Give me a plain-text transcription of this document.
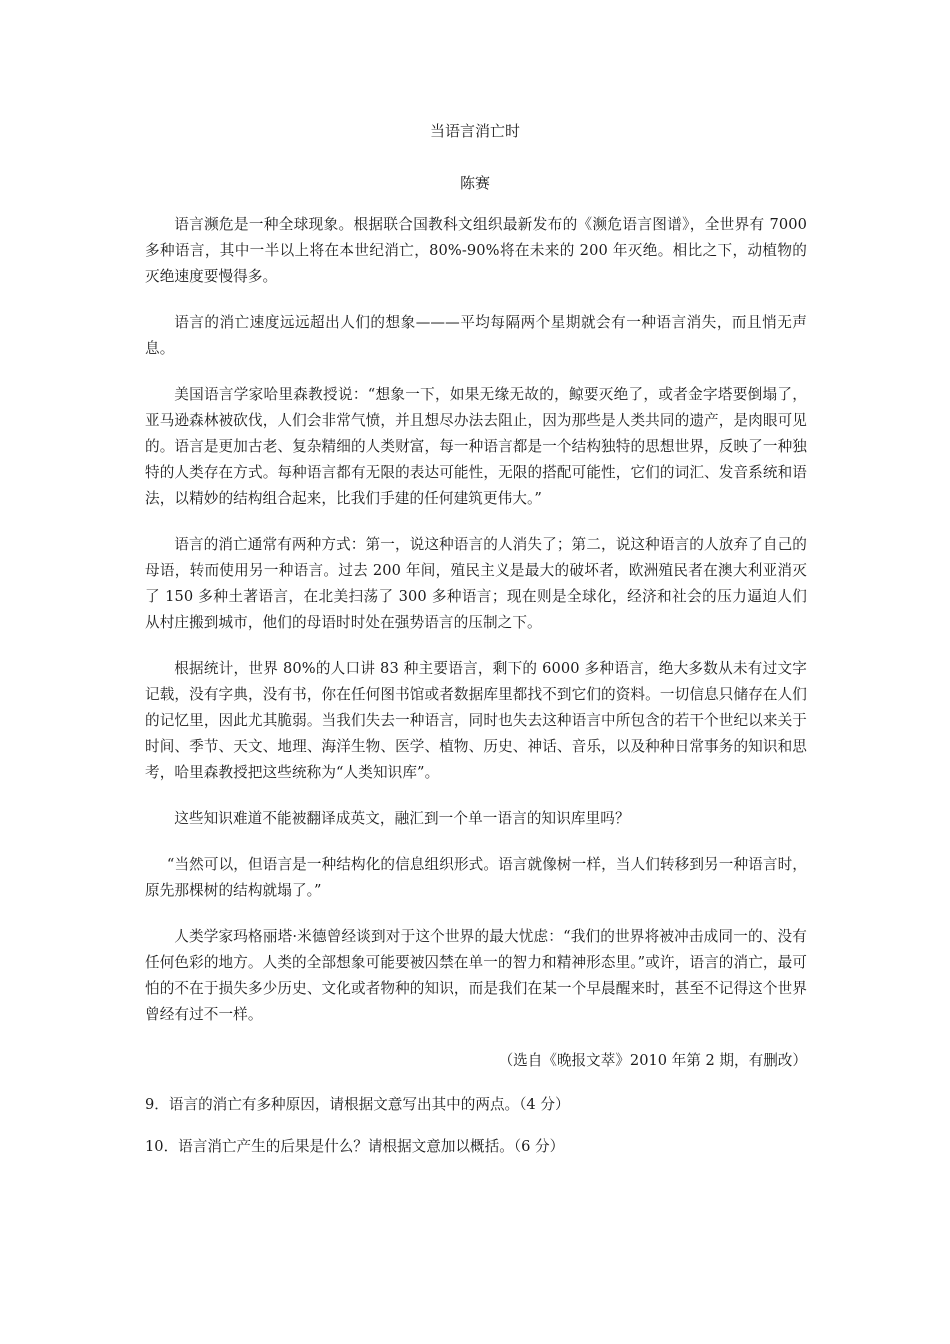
当语言消亡时
陈赛

语言濒危是一种全球现象。根据联合国教科文组织最新发布的《濒危语言图谱》，全世界有 7000 多种语言，其中一半以上将在本世纪消亡，80%-90%将在未来的 200 年灭绝。相比之下，动植物的灭绝速度要慢得多。

语言的消亡速度远远超出人们的想象———平均每隔两个星期就会有一种语言消失，而且悄无声息。

美国语言学家哈里森教授说：“想象一下，如果无缘无故的，鲸要灭绝了，或者金字塔要倒塌了，亚马逊森林被砍伐，人们会非常气愤，并且想尽办法去阻止，因为那些是人类共同的遗产，是肉眼可见的。语言是更加古老、复杂精细的人类财富，每一种语言都是一个结构独特的思想世界，反映了一种独特的人类存在方式。每种语言都有无限的表达可能性，无限的搭配可能性，它们的词汇、发音系统和语法，以精妙的结构组合起来，比我们手建的任何建筑更伟大。”

语言的消亡通常有两种方式：第一，说这种语言的人消失了；第二，说这种语言的人放弃了自己的母语，转而使用另一种语言。过去 200 年间，殖民主义是最大的破坏者，欧洲殖民者在澳大利亚消灭了 150 多种土著语言，在北美扫荡了 300 多种语言；现在则是全球化，经济和社会的压力逼迫人们从村庄搬到城市，他们的母语时时处在强势语言的压制之下。

根据统计，世界 80%的人口讲 83 种主要语言，剩下的 6000 多种语言，绝大多数从未有过文字记载，没有字典，没有书，你在任何图书馆或者数据库里都找不到它们的资料。一切信息只储存在人们的记忆里，因此尤其脆弱。当我们失去一种语言，同时也失去这种语言中所包含的若干个世纪以来关于时间、季节、天文、地理、海洋生物、医学、植物、历史、神话、音乐，以及种种日常事务的知识和思考，哈里森教授把这些统称为“人类知识库”。

这些知识难道不能被翻译成英文，融汇到一个单一语言的知识库里吗？

“当然可以，但语言是一种结构化的信息组织形式。语言就像树一样，当人们转移到另一种语言时，原先那棵树的结构就塌了。”

人类学家玛格丽塔·米德曾经谈到对于这个世界的最大忧虑：“我们的世界将被冲击成同一的、没有任何色彩的地方。人类的全部想象可能要被囚禁在单一的智力和精神形态里。”或许，语言的消亡，最可怕的不在于损失多少历史、文化或者物种的知识，而是我们在某一个早晨醒来时，甚至不记得这个世界曾经有过不一样。

（选自《晚报文萃》2010 年第 2 期，有删改）

9．语言的消亡有多种原因，请根据文意写出其中的两点。（4 分）

10．语言消亡产生的后果是什么？请根据文意加以概括。（6 分）
